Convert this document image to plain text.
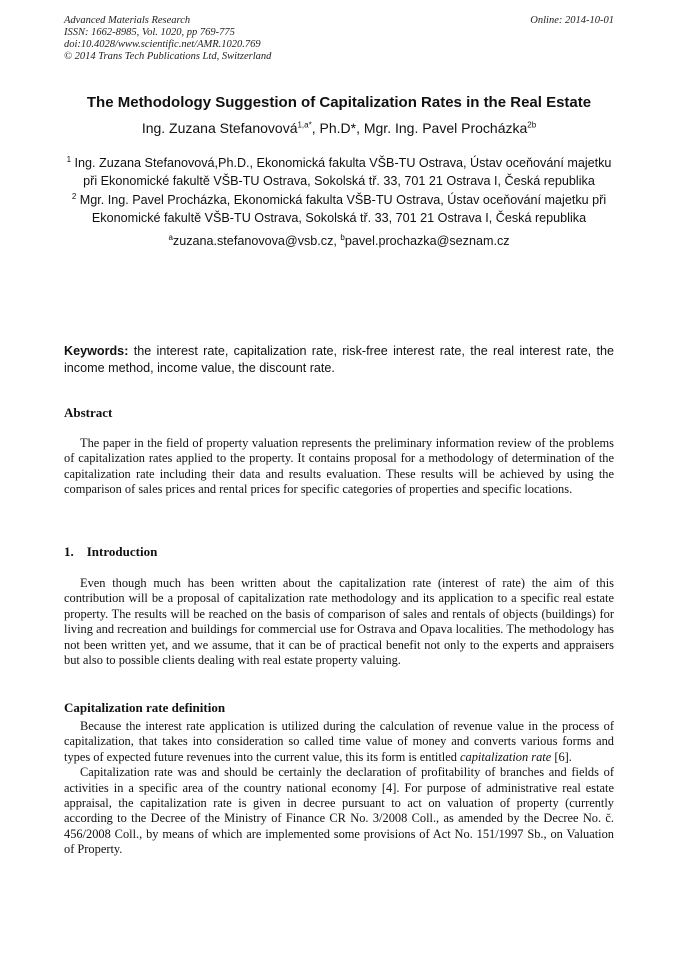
Advanced Materials Research
ISSN: 1662-8985, Vol. 1020, pp 769-775
doi:10.4028/www.scientific.net/AMR.1020.769
© 2014 Trans Tech Publications Ltd, Switzerland
Online: 2014-10-01
The Methodology Suggestion of Capitalization Rates in the Real Estate
Ing. Zuzana Stefanovová$^{1,a*}$, Ph.D*, Mgr. Ing. Pavel Procházka$^{2b}$
$^1$ Ing. Zuzana Stefanovová,Ph.D., Ekonomická fakulta VŠB-TU Ostrava, Ústav oceňování majetku při Ekonomické fakultě VŠB-TU Ostrava, Sokolská tř. 33, 701 21 Ostrava I, Česká republika
$^2$ Mgr. Ing. Pavel Procházka, Ekonomická fakulta VŠB-TU Ostrava, Ústav oceňování majetku při Ekonomické fakultě VŠB-TU Ostrava, Sokolská tř. 33, 701 21 Ostrava I, Česká republika
$^a$zuzana.stefanovova@vsb.cz, $^b$pavel.prochazka@seznam.cz
Keywords: the interest rate, capitalization rate, risk-free interest rate, the real interest rate, the income method, income value, the discount rate.
Abstract
The paper in the field of property valuation represents the preliminary information review of the problems of capitalization rates applied to the property. It contains proposal for a methodology of determination of the capitalization rate including their data and results evaluation. These results will be achieved by using the comparison of sales prices and rental prices for specific categories of properties and specific locations.
1.    Introduction
Even though much has been written about the capitalization rate (interest of rate) the aim of this contribution will be a proposal of capitalization rate methodology and its application to a specific real estate property. The results will be reached on the basis of comparison of sales and rentals of objects (buildings) for living and recreation and buildings for commercial use for Ostrava and Opava localities. The methodology has not been written yet, and we assume, that it can be of practical benefit not only to the experts and appraisers but also to possible clients dealing with real estate property valuing.
Capitalization rate definition

Because the interest rate application is utilized during the calculation of revenue value in the process of capitalization, that takes into consideration so called time value of money and converts various forms and types of expected future revenues into the current value, this its form is entitled capitalization rate [6].

Capitalization rate was and should be certainly the declaration of profitability of branches and fields of activities in a specific area of the country national economy [4]. For purpose of administrative real estate appraisal, the capitalization rate is given in decree pursuant to act on valuation of property (currently according to the Decree of the Ministry of Finance CR No. 3/2008 Coll., as amended by the Decree No. č. 456/2008 Coll., by means of which are implemented some provisions of Act No. 151/1997 Sb., on Valuation of Property.
